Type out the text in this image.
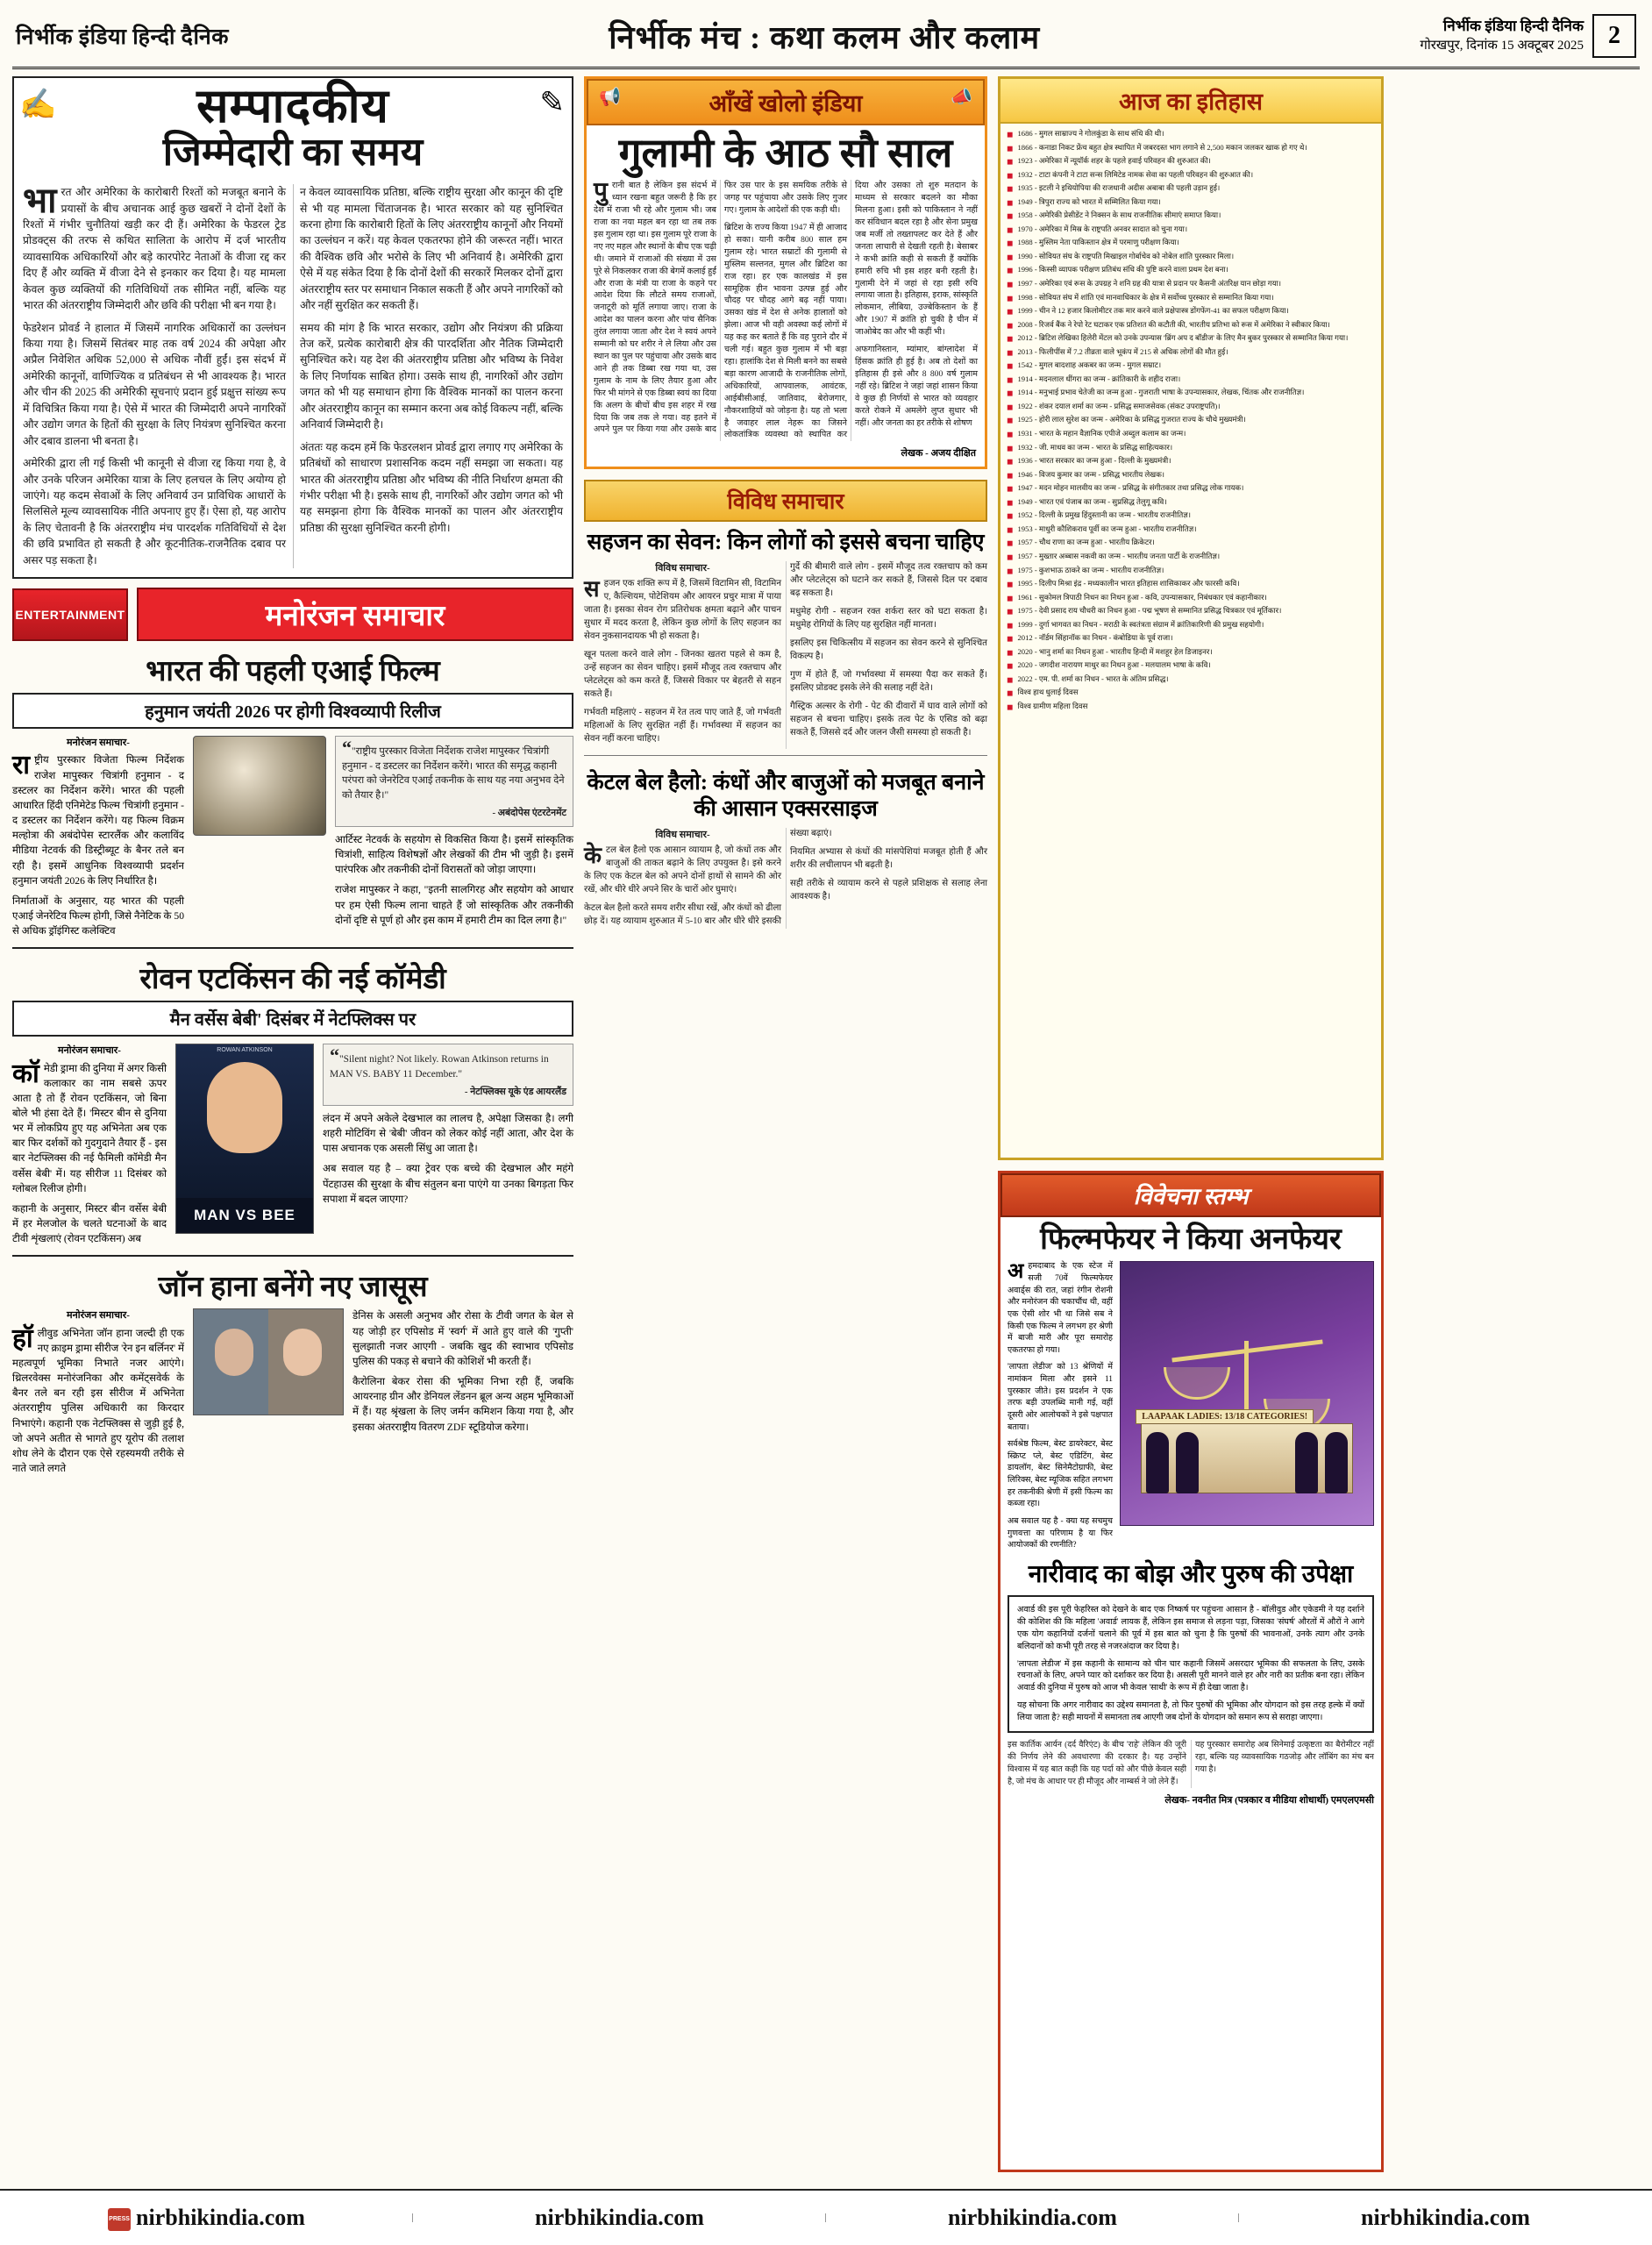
निर्भीक इंडिया हिन्दी दैनिक	निर्भीक मंच : कथा कलम और कलाम	निर्भीक इंडिया हिन्दी दैनिक
गोरखपुर, दिनांक 15 अक्टूबर 2025	2
✍	✎
सम्पादकीय
जिम्मेदारी का समय

भारत और अमेरिका के कारोबारी रिश्तों को मजबूत बनाने के प्रयासों के बीच अचानक आई कुछ खबरों ने दोनों देशों के रिश्तों में गंभीर चुनौतियां खड़ी कर दी हैं। अमेरिका के फेडरल ट्रेड प्रोडक्ट्स की तरफ से कथित सालिता के आरोप में दर्ज भारतीय व्यावसायिक अधिकारियों और बड़े कारपोरेट नेताओं के वीजा रद्द कर दिए हैं और व्यक्ति में वीजा देने से इनकार कर दिया है। यह मामला केवल कुछ व्यक्तियों की गतिविधियों तक सीमित नहीं, बल्कि यह भारत की अंतरराष्ट्रीय जिम्मेदारी और छवि की परीक्षा भी बन गया है।

फेडरेशन प्रोवर्ड ने हालात में जिसमें नागरिक अधिकारों का उल्लंघन किया गया है। जिसमें सितंबर माह तक वर्ष 2024 की अपेक्षा और अप्रैल निवेशित अधिक 52,000 से अधिक नौवीं हुईं। इस संदर्भ में अमेरिकी कानूनों, वाणिज्यिक व प्रतिबंधन से भी आवश्यक है। भारत और चीन की 2025 की अमेरिकी सूचनाएं प्रदान हुई प्रक्षुत्त सांख्य रूप में विचित्रित किया गया है। ऐसे में भारत की जिम्मेदारी अपने नागरिकों और उद्योग जगत के हितों की सुरक्षा के लिए नियंत्रण सुनिश्चित करना और दबाव डालना भी बनता है।

अमेरिकी द्वारा ली गई किसी भी कानूनी से वीजा रद्द किया गया है, वे और उनके परिजन अमेरिका यात्रा के लिए हलचल के लिए अयोग्य हो जाएंगे। यह कदम सेवाओं के लिए अनिवार्य उन प्राविधिक आधारों के सिलसिले मूल्य व्यावसायिक नीति अपनाए हुए हैं। ऐसा हो, यह आरोप के लिए चेतावनी है कि अंतरराष्ट्रीय मंच पारदर्शक गतिविधियों से देश की छवि प्रभावित हो सकती है और कूटनीतिक-राजनैतिक दबाव पर असर पड़ सकता है।

न केवल व्यावसायिक प्रतिष्ठा, बल्कि राष्ट्रीय सुरक्षा और कानून की दृष्टि से भी यह मामला चिंताजनक है। भारत सरकार को यह सुनिश्चित करना होगा कि कारोबारी हितों के लिए अंतरराष्ट्रीय कानूनों और नियमों का उल्लंघन न करें। यह केवल एकतरफा होने की जरूरत नहीं। भारत की वैश्विक छवि और भरोसे के लिए भी अनिवार्य है। अमेरिकी द्वारा ऐसे में यह संकेत दिया है कि दोनों देशों की सरकारें मिलकर दोनों द्वारा अंतरराष्ट्रीय स्तर पर समाधान निकाल सकती हैं और अपने नागरिकों को और नहीं सुरक्षित कर सकती हैं।

समय की मांग है कि भारत सरकार, उद्योग और नियंत्रण की प्रक्रिया तेज करें, प्रत्येक कारोबारी क्षेत्र की पारदर्शिता और नैतिक जिम्मेदारी सुनिश्चित करे। यह देश की अंतरराष्ट्रीय प्रतिष्ठा और भविष्य के निवेश के लिए निर्णायक साबित होगा। उसके साथ ही, नागरिकों और उद्योग जगत को भी यह समाधान होगा कि वैश्विक मानकों का पालन करना और अंतरराष्ट्रीय कानून का सम्मान करना अब कोई विकल्प नहीं, बल्कि अनिवार्य जिम्मेदारी है।

अंततः यह कदम हमें कि फेडरलशन प्रोवर्ड द्वारा लगाए गए अमेरिका के प्रतिबंधों को साधारण प्रशासनिक कदम नहीं समझा जा सकता। यह भारत की अंतरराष्ट्रीय प्रतिष्ठा और भविष्य की नीति निर्धारण क्षमता की गंभीर परीक्षा भी है। इसके साथ ही, नागरिकों और उद्योग जगत को भी यह समझना होगा कि वैश्विक मानकों का पालन और अंतरराष्ट्रीय प्रतिष्ठा की सुरक्षा सुनिश्चित करनी होगी।

ENTERTAINMENT	मनोरंजन समाचार
भारत की पहली एआई फिल्म
हनुमान जयंती 2026 पर होगी विश्वव्यापी रिलीज
मनोरंजन समाचार-

राष्ट्रीय पुरस्कार विजेता फिल्म निर्देशक राजेश मापुस्कर 'चित्रांगी हनुमान - द डस्टलर का निर्देशन करेंगे। भारत की पहली आधारित हिंदी एनिमेटेड फिल्म 'चित्रांगी हनुमान - द डस्टलर का निर्देशन करेंगे। यह फिल्म विक्रम मल्होत्रा की अबंदोपेस स्टारलैंक और कलाविंद मीडिया नेटवर्क की डिस्ट्रीब्यूट के बैनर तले बन रही है। इसमें आधुनिक विश्वव्यापी प्रदर्शन हनुमान जयंती 2026 के लिए निर्धारित है।

निर्माताओं के अनुसार, यह भारत की पहली एआई जेनरेटिव फिल्म होगी, जिसे नैनेटिक के 50 से अधिक ड्रॉइंगिस्ट कलेक्टिव

“"राष्ट्रीय पुरस्कार विजेता निर्देशक राजेश मापुस्कर 'चित्रांगी हनुमान - द डस्टलर का निर्देशन करेंगे। भारत की समृद्ध कहानी परंपरा को जेनरेटिव एआई तकनीक के साथ यह नया अनुभव देने को तैयार है।"
- अबंदोपेस एंटरटेनमेंट

आर्टिस्ट नेटवर्क के सहयोग से विकसित किया है। इसमें सांस्कृतिक चित्रांशी, साहित्य विशेषज्ञों और लेखकों की टीम भी जुड़ी है। इसमें पारंपरिक और तकनीकी दोनों विरासतों को जोड़ा जाएगा।

राजेश मापुस्कर ने कहा, "इतनी सालगिरह और सहयोग को आधार पर हम ऐसी फिल्म लाना चाहते हैं जो सांस्कृतिक और तकनीकी दोनों दृष्टि से पूर्ण हो और इस काम में हमारी टीम का दिल लगा है।"

रोवन एटकिंसन की नई कॉमेडी
मैन वर्सेस बेबी' दिसंबर में नेटफ्लिक्स पर
मनोरंजन समाचार-

कॉमेडी ड्रामा की दुनिया में अगर किसी कलाकार का नाम सबसे ऊपर आता है तो हैं रोवन एटकिंसन, जो बिना बोले भी हंसा देते हैं। 'मिस्टर बीन से दुनिया भर में लोकप्रिय हुए यह अभिनेता अब एक बार फिर दर्शकों को गुदगुदाने तैयार हैं - इस बार नेटफ्लिक्स की नई फैमिली कॉमेडी मैन वर्सेस बेबी' में। यह सीरीज 11 दिसंबर को ग्लोबल रिलीज होगी।

कहानी के अनुसार, मिस्टर बीन वर्सेस बेबी में हर मेलजोल के चलते घटनाओं के बाद टीवी शृंखलाएं (रोवन एटकिंसन) अब

ROWAN ATKINSON
MAN VS BEE
“"Silent night? Not likely. Rowan Atkinson returns in MAN VS. BABY 11 December."
- नेटफ्लिक्स यूके एंड आयरलैंड

लंदन में अपने अकेले देखभाल का लालच है, अपेक्षा जिसका है। लगी शहरी मोटिविंग से 'बेबी' जीवन को लेकर कोई नहीं आता, और देश के पास अचानक एक असली सिंधु आ जाता है।

अब सवाल यह है – क्या ट्रेवर एक बच्चे की देखभाल और महंगे पेंटहाउस की सुरक्षा के बीच संतुलन बना पाएंगे या उनका बिगड़ता फिर सपाशा में बदल जाएगा?

जॉन हाना बनेंगे नए जासूस
मनोरंजन समाचार-

हॉलीवुड अभिनेता जॉन हाना जल्दी ही एक नए क्राइम ड्रामा सीरीज 'रेन इन बर्लिनर' में महत्वपूर्ण भूमिका निभाते नजर आएंगे। थ्रिलरवेक्स मनोरंजनिका और कमेंट्सवेर्क के बैनर तले बन रही इस सीरीज में अभिनेता अंतरराष्ट्रीय पुलिस अधिकारी का किरदार निभाएंगे। कहानी एक नेटफ्लिक्स से जुड़ी हुई है, जो अपने अतीत से भागते हुए यूरोप की तलाश शोध लेने के दौरान एक ऐसे रहस्यमयी तरीके से नाते जाते लगते

डेनिस के असली अनुभव और रोसा के टीवी जगत के बेल से यह जोड़ी हर एपिसोड में 'स्वर्ग' में आते हुए वाले की 'गुप्ती' सुलझाती नजर आएगी - जबकि खुद की स्वाभाव एपिसोड पुलिस की पकड़ से बचाने की कोशिशें भी करती हैं।

कैरोलिना बेकर रोसा की भूमिका निभा रही हैं, जबकि आयरनाह ग्रीन और डेनियल लेंडनन ब्रूल अन्य अहम भूमिकाओं में हैं। यह श्रृंखला के लिए जर्मन कमिशन किया गया है, और इसका अंतरराष्ट्रीय वितरण ZDF स्टूडियोज करेगा।

📢	आँखें खोलो इंडिया	📣
गुलामी के आठ सौ साल

पुरानी बात है लेकिन इस संदर्भ में ध्यान रखना बहुत जरूरी है कि हर देश में राजा भी रहे और गुलाम भी। जब राजा का नया महल बन रहा था तब तक इस गुलाम रहा था। इस गुलाम पूरे राजा के नए नए महल और स्थानों के बीच एक चढ़ी थी। जमाने में राजाओं की संख्या में उस पूरे से निकलकर राजा की बेगमें कलाई हुईं और राजा के मंत्री या राजा के कहने पर आदेश दिया कि लौटते समय राजाओं, जनाटूरी को मूर्ति लगाया जाए। राजा के आदेश का पालन करना और पांच सैनिक तुरंत लगाया जाता और देश ने स्वयं अपने सम्मानी को घर शरीर ने ले लिया और उस स्थान का पुल पर पहुंचाया और उसके बाद आने ही तक डिब्बा रख गया था, उस गुलाम के नाम के लिए तैयार हुआ और फिर भी मांगने से एक डिब्बा स्वयं का दिया कि अलग के बीचों बीच इस शहर में रख दिया कि जब तक ले गया। वह इतने में अपने पुल पर किया गया और उसके बाद फिर उस पार के इस समयिक तरीके से जगह पर पहुंचाया और उसके लिए गुजर गए। गुलाम के आदेशों की एक कड़ी थी।

ब्रिटिश के राज्य किया 1947 में ही आजाद हो सका। यानी करीब 800 साल हम गुलाम रहे। भारत सम्राटों की गुलामी से मुस्लिम सल्तनत, मुगल और ब्रिटिश का राज रहा। हर एक कालखंड में इस सामूहिक हीन भावना उत्पन्न हुई और चौदह पर चौदह आगे बढ़ नहीं पाया। उसका खंड में देश से अनेक हालातों को झेला। आज भी वही अवस्था कई लोगों में यह कह कर बताते हैं कि वह पुराने दौर में चली गई। बहुत कुछ गुलाम में भी बड़ा रहा। हालांकि देश से मिली बनने का सबसे बड़ा कारण आजादी के राजनीतिक लोगों, अधिकारियों, आपवालक, आवंटक, आईबीसीआई, जातिवाद, बेरोजगार, नौकरशाहियों को जोड़ना है। यह तो भला है जवाहर लाल नेहरू का जिसने लोकतांत्रिक व्यवस्था को स्थापित कर दिया और उसका तो शुरु मतदान के माध्यम से सरकार बदलने का मौका मिलना हुआ। इसी को पाकिस्तान ने नहीं कर संविधान बदल रहा है और सेना प्रमुख जब मर्जी तो तख्तापलट कर देते हैं और जनता लाचारी से देखती रहती है। बेसाबर ने कभी क्रांति कही से सकती हैं क्योंकि हमारी रुचि भी इस शहर बनी रहती है। गुलामी देने में जहां से रहा इसी रुचि लगाया जाता है। इतिहास, इराक, सांस्कृति लोकमान, लीबिया, उज्बेकिस्तान के हैं और 1907 में क्रांति हो चुकी है चीन में जाओबेद का और भी कहीं भी।

अफगानिस्तान, म्यांमार, बांग्लादेश में हिंसक क्रांति ही हुई है। अब तो देशों का इतिहास ही इसे और 8 800 वर्ष गुलाम नहीं रहे। ब्रिटिश ने जहां जहां शासन किया वे कुछ ही निर्णयों से भारत को व्यवहार करते रोकने में अमलेंगे लुप्त सुधार भी नहीं। और जनता का हर तरीके से शोषण

लेखक - अजय दीक्षित
विविध समाचार
सहजन का सेवन: किन लोगों को इससे बचना चाहिए
विविध समाचार-

सहजन एक शक्ति रूप में है, जिसमें विटामिन सी, विटामिन ए, कैल्शियम, पोटेशियम और आयरन प्रचुर मात्रा में पाया जाता है। इसका सेवन रोग प्रतिरोधक क्षमता बढ़ाने और पाचन सुधार में मदद करता है, लेकिन कुछ लोगों के लिए सहजन का सेवन नुकसानदायक भी हो सकता है।

खून पतला करने वाले लोग - जिनका खतरा पहले से कम है, उन्हें सहजन का सेवन चाहिए। इसमें मौजूद तत्व रक्तचाप और प्लेटलेट्स को कम करते हैं, जिससे विकार पर बेहतरी से सहन सकते हैं।

गर्भवती महिलाएं - सहजन में रेत तत्व पाए जाते हैं, जो गर्भवती महिलाओं के लिए सुरक्षित नहीं हैं। गर्भावस्था में सहजन का सेवन नहीं करना चाहिए।

गुर्दे की बीमारी वाले लोग - इसमें मौजूद तत्व रक्तचाप को कम और प्लेटलेट्स को घटाने कर सकते हैं, जिससे दिल पर दबाव बढ़ सकता है।

मधुमेह रोगी - सहजन रक्त शर्करा स्तर को घटा सकता है। मधुमेह रोगियों के लिए यह सुरक्षित नहीं मानता।

इसलिए इस चिकित्सीय में सहजन का सेवन करने से सुनिश्चित विकल्प है।

गुण में होते हैं, जो गर्भावस्था में समस्या पैदा कर सकते हैं। इसलिए प्रोडक्ट इसके लेने की सलाह नहीं देते।

गैस्ट्रिक अल्सर के रोगी - पेट की दीवारों में घाव वाले लोगों को सहजन से बचना चाहिए। इसके तत्व पेट के एसिड को बढ़ा सकते हैं, जिससे दर्द और जलन जैसी समस्या हो सकती है।

केटल बेल हैलो: कंधों और बाजुओं को मजबूत बनाने की आसान एक्सरसाइज
विविध समाचार-

केटल बेल हैलो एक आसान व्यायाम है, जो कंधों तक और बाजुओं की ताकत बढ़ाने के लिए उपयुक्त है। इसे करने के लिए एक केटल बेल को अपने दोनों हाथों से सामने की ओर रखें, और धीरे धीरे अपने सिर के चारों ओर घुमाएं।

केटल बेल हैलो करते समय शरीर सीधा रखें, और कंधों को ढीला छोड़ दें। यह व्यायाम शुरुआत में 5-10 बार और धीरे धीरे इसकी संख्या बढ़ाएं।

नियमित अभ्यास से कंधों की मांसपेशियां मजबूत होती हैं और शरीर की लचीलापन भी बढ़ती है।

सही तरीके से व्यायाम करने से पहले प्रशिक्षक से सलाह लेना आवश्यक है।

आज का इतिहास
◼ 1686 - मुगल साम्राज्य ने गोलकुंडा के साथ संधि की थी।
◼ 1866 - कनाडा निकट फ्रेंच बहुत क्षेत्र स्थापित में जबरदस्त भाग लगाने से 2,500 मकान जलकर खाक हो गए थे।
◼ 1923 - अमेरिका में न्यूयॉर्क शहर के पहले हवाई परिवहन की शुरुआत की।
◼ 1932 - टाटा कंपनी ने टाटा सन्स लिमिटेड नामक सेवा का पहली परिवहन की शुरुआत की।
◼ 1935 - इटली ने इथियोपिया की राजधानी अदीस अबाबा की पहली उड़ान हुई।
◼ 1949 - त्रिपुरा राज्य को भारत में सम्मिलित किया गया।
◼ 1958 - अमेरिकी प्रेसीडेंट ने निक्सन के साथ राजनीतिक सीमाएं समाप्त किया।
◼ 1970 - अमेरिका में मिस्र के राष्ट्रपति अनवर सादात को चुना गया।
◼ 1988 - मुस्लिम नेता पाकिस्तान क्षेत्र में परमाणु परीक्षण किया।
◼ 1990 - सोवियत संघ के राष्ट्रपति मिखाइल गोर्बाचेव को नोबेल शांति पुरस्कार मिला।
◼ 1996 - किस्सी व्यापक परीक्षण प्रतिबंध संधि की पुष्टि करने वाला प्रथम देश बना।
◼ 1997 - अमेरिका एवं रूस के उपग्रह ने शनि ग्रह की यात्रा से प्रदान पर कैसनी अंतरिक्ष यान छोड़ा गया।
◼ 1998 - सोवियत संघ में शांति एवं मानवाधिकार के क्षेत्र में सर्वोच्च पुरस्कार से सम्मानित किया गया।
◼ 1999 - चीन ने 12 हजार किलोमीटर तक मार करने वाले प्रक्षेपास्त्र डोंगफेंग-41 का सफल परीक्षण किया।
◼ 2008 - रिजर्व बैंक ने रेपो रेट घटाकर एक प्रतिशत की कटौती की, भारतीय प्रतिभा को रूस में अमेरिका ने स्वीकार किया।
◼ 2012 - ब्रिटिश लेखिका हिलेरी मेंटल को उनके उपन्यास 'ब्रिंग अप द बॉडीज' के लिए मैन बुकर पुरस्कार से सम्मानित किया गया।
◼ 2013 - फिलीपींस में 7.2 तीव्रता वाले भूकंप में 215 से अधिक लोगों की मौत हुई।
◼ 1542 - मुगल बादशाह अकबर का जन्म - मुगल सम्राट।
◼ 1914 - मदनलाल धींगरा का जन्म - क्रांतिकारी के शहीद राजा।
◼ 1914 - मनुभाई प्रभाव चेतेजी का जन्म हुआ - गुजराती भाषा के उपन्यासकार, लेखक, चिंतक और राजनीतिज्ञ।
◼ 1922 - शंकर दयाल शर्मा का जन्म - प्रसिद्ध समाजसेवक (संकट उपराष्ट्रपति)।
◼ 1925 - होरी लाल सुरेश का जन्म - अमेरिका के प्रसिद्ध गुजरात राज्य के चौथे मुख्यमंत्री।
◼ 1931 - भारत के महान वैज्ञानिक एपीजे अब्दुल कलाम का जन्म।
◼ 1932 - जी. माधव का जन्म - भारत के प्रसिद्ध साहित्यकार।
◼ 1936 - भारत सरकार का जन्म हुआ - दिल्ली के मुख्यमंत्री।
◼ 1946 - विजय कुमार का जन्म - प्रसिद्ध भारतीय लेखक।
◼ 1947 - मदन मोहन मालवीय का जन्म - प्रसिद्ध के संगीतकार तथा प्रसिद्ध लोक गायक।
◼ 1949 - भारत एवं पंजाब का जन्म - सुप्रसिद्ध तेलुगू कवि।
◼ 1952 - दिल्ली के प्रमुख हिंदुस्तानी का जन्म - भारतीय राजनीतिज्ञ।
◼ 1953 - माधुरी कौशिकराव पूर्वी का जन्म हुआ - भारतीय राजनीतिज्ञ।
◼ 1957 - चौथ राणा का जन्म हुआ - भारतीय क्रिकेटर।
◼ 1957 - मुख्तार अब्बास नकवी का जन्म - भारतीय जनता पार्टी के राजनीतिज्ञ।
◼ 1975 - कुशभाऊ ठाकरे का जन्म - भारतीय राजनीतिज्ञ।
◼ 1995 - दिलीप मिश्रा इंद्र - मध्यकालीन भारत इतिहास शासिकाकर और फारसी कवि।
◼ 1961 - सुकोमल त्रिपाठी निधन का निधन हुआ - कवि, उपन्यासकार, निबंधकार एवं कहानीकार।
◼ 1975 - देवी प्रसाद राय चौधरी का निधन हुआ - पद्म भूषण से सम्मानित प्रसिद्ध चित्रकार एवं मूर्तिकार।
◼ 1999 - दुर्गा भागवत का निधन - मराठी के स्वतंत्रता संग्राम में क्रांतिकारिणी की प्रमुख सहयोगी।
◼ 2012 - नॉर्डम सिंहानॉक का निधन - कंबोडिया के पूर्व राजा।
◼ 2020 - भानु शर्मा का निधन हुआ - भारतीय हिन्दी में मशहूर हेल डिजाइनर।
◼ 2020 - जगदीश नारायण माथुर का निधन हुआ - मलयालम भाषा के कवि।
◼ 2022 - एम. पी. शर्मा का निधन - भारत के अंतिम प्रसिद्ध।
◼ विश्व हाथ धुलाई दिवस
◼ विश्व ग्रामीण महिला दिवस
विवेचना स्तम्भ
फिल्मफेयर ने किया अनफेयर

अहमदाबाद के एक स्टेज में सजी 70वें फिल्मफेयर अवार्ड्स की रात, जहां रंगीन रोशनी और मनोरंजन की चकाचौंध थी, वहीं एक ऐसी शोर भी था जिसे सब ने किसी एक फिल्म ने लगभग हर श्रेणी में बाजी मारी और पूरा समारोह एकतरफा हो गया।

'लापता लेडीज' को 13 श्रेणियों में नामांकन मिला और इसने 11 पुरस्कार जीते। इस प्रदर्शन ने एक तरफ बड़ी उपलब्धि मानी गई, वहीं दूसरी ओर आलोचकों ने इसे पक्षपात बताया।

सर्वश्रेष्ठ फिल्म, बेस्ट डायरेक्टर, बेस्ट स्क्रिप्ट प्ले, बेस्ट एडिटिंग, बेस्ट डायलॉग, बेस्ट सिनेमैटोग्राफी, बेस्ट लिरिक्स, बेस्ट म्यूजिक सहित लगभग हर तकनीकी श्रेणी में इसी फिल्म का कब्जा रहा।

अब सवाल यह है - क्या यह सचमुच गुणवत्ता का परिणाम है या फिर आयोजकों की रणनीति?

LAAPAAK LADIES: 13/18 CATEGORIES!
नारीवाद का बोझ और पुरुष की उपेक्षा

अवार्ड की इस पूरी फेहरिस्त को देखने के बाद एक निष्कर्ष पर पहुंचना आसान है - बॉलीवुड और एकेडमी ने यह दर्शाने की कोशिश की कि महिला 'अवार्ड' लायक हैं, लेकिन इस समाज से लड़ना पड़ा, जिसका 'संघर्ष' औरतों में औरों ने आगे एक योग कहानियों दर्जनों चलाने की पूर्व में इस बात को चुना है कि पुरुषों की भावनाओं, उनके त्याग और उनके बलिदानों को कभी पूरी तरह से नजरअंदाज कर दिया है।

'लापता लेडीज' में इस कहानी के सामान्य को चीन चार कहानी जिसमें असरदार भूमिका की सफलता के लिए, उसके रचनाओं के लिए, अपने प्यार को दर्शाकर कर दिया है। असली पूरी मानने वाले हर और नारी का प्रतीक बना रहा। लेकिन अवार्ड की दुनिया में पुरुष को आज भी केवल 'साथी' के रूप में ही देखा जाता है।

यह सोचना कि अगर नारीवाद का उद्देश्य समानता है, तो फिर पुरुषों की भूमिका और योगदान को इस तरह हल्के में क्यों लिया जाता है? सही मायनों में समानता तब आएगी जब दोनों के योगदान को समान रूप से सराहा जाएगा।

इस कार्तिक आर्यन (दर्द वैरिएंट) के बीच 'राहे' लेकिन की जूरी की निर्णय लेने की अवधारणा की दरकार है। यह उन्होंने विश्वास में यह बात कही कि यह पर्दा को और पीछे केवल सही है, जो मंच के आधार पर ही मौजूद और नाम्बर्स ने जो लेने हैं।

यह पुरस्कार समारोह अब सिनेमाई उत्कृष्टता का बैरोमीटर नहीं रहा, बल्कि यह व्यावसायिक गठजोड़ और लॉबिंग का मंच बन गया है।

लेखक- नवनीत मित्र (पत्रकार व मीडिया शोधार्थी) एमएलएमसी
PRESS nirbhikindia.com	nirbhikindia.com	nirbhikindia.com	nirbhikindia.com
